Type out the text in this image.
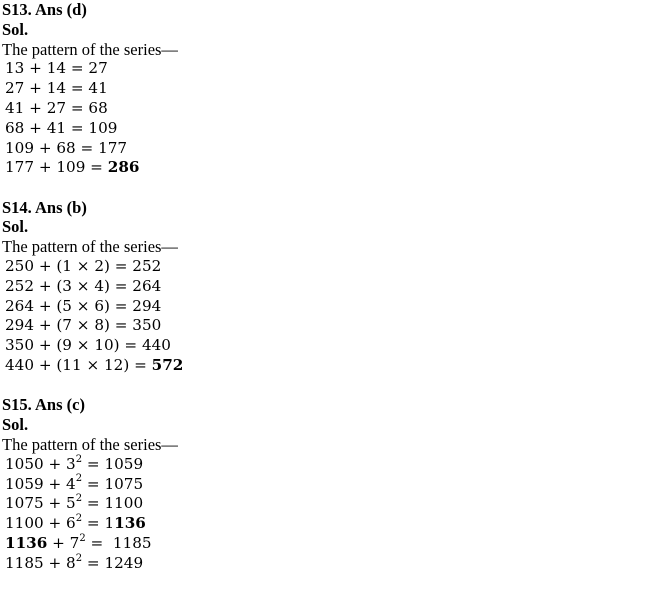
S13. Ans (d)
Sol.
The pattern of the series—
13 + 14 = 27
27 + 14 = 41
41 + 27 = 68
68 + 41 = 109
109 + 68 = 177
177 + 109 = 286
S14. Ans (b)
Sol.
The pattern of the series—
250 + (1 × 2) = 252
252 + (3 × 4) = 264
264 + (5 × 6) = 294
294 + (7 × 8) = 350
350 + (9 × 10) = 440
440 + (11 × 12) = 572
S15. Ans (c)
Sol.
The pattern of the series—
$1050 + 3^2 = 1059$
$1059 + 4^2 = 1075$
$1075 + 5^2 = 1100$
$1100 + 6^2 = 1136$
$1136 + 7^2 = 1185$
$1185 + 8^2 = 1249$
